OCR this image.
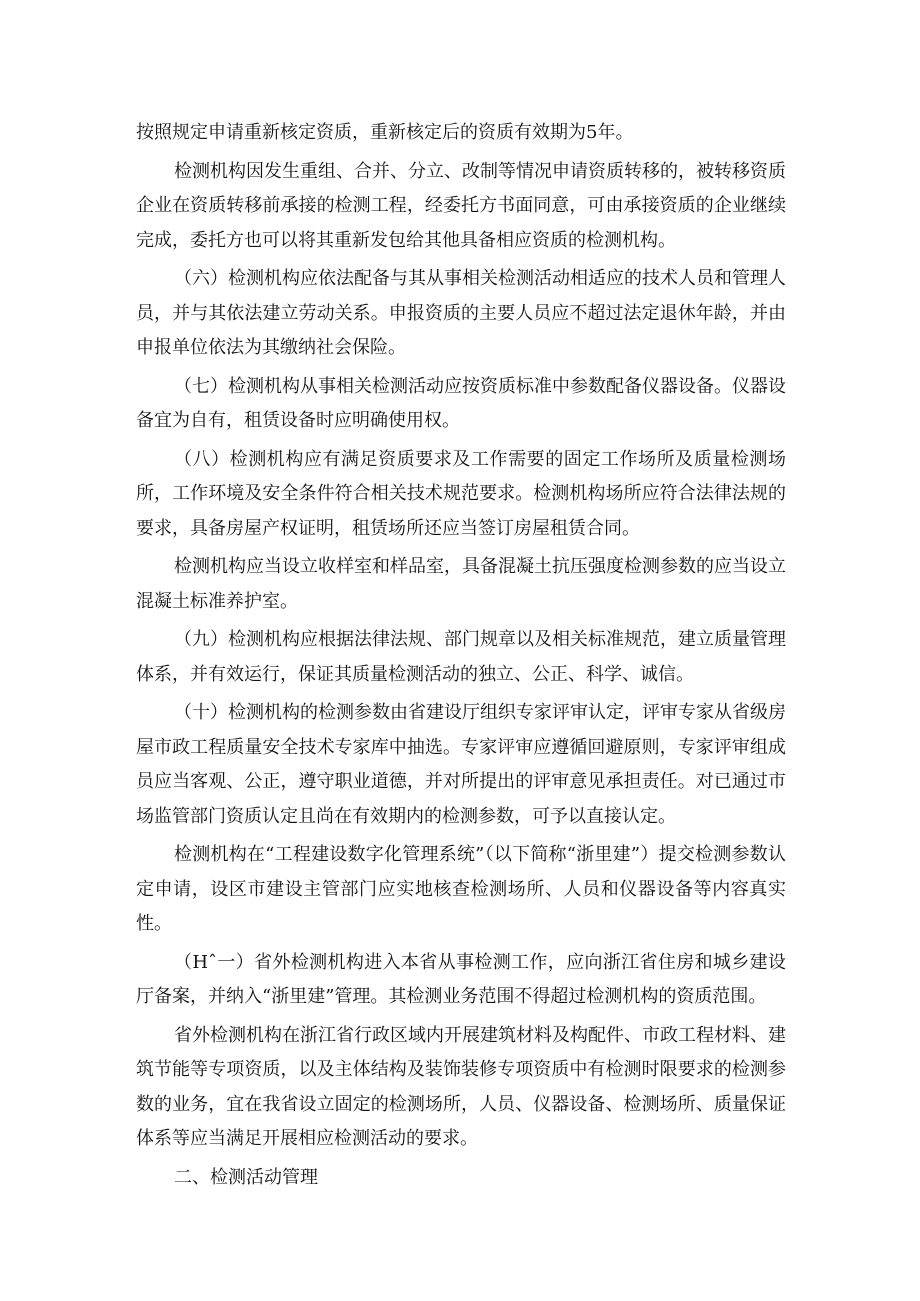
按照规定申请重新核定资质，重新核定后的资质有效期为5年。

检测机构因发生重组、合并、分立、改制等情况申请资质转移的，被转移资质企业在资质转移前承接的检测工程，经委托方书面同意，可由承接资质的企业继续完成，委托方也可以将其重新发包给其他具备相应资质的检测机构。

（六）检测机构应依法配备与其从事相关检测活动相适应的技术人员和管理人员，并与其依法建立劳动关系。申报资质的主要人员应不超过法定退休年龄，并由申报单位依法为其缴纳社会保险。

（七）检测机构从事相关检测活动应按资质标准中参数配备仪器设备。仪器设备宜为自有，租赁设备时应明确使用权。

（八）检测机构应有满足资质要求及工作需要的固定工作场所及质量检测场所，工作环境及安全条件符合相关技术规范要求。检测机构场所应符合法律法规的要求，具备房屋产权证明，租赁场所还应当签订房屋租赁合同。

检测机构应当设立收样室和样品室，具备混凝土抗压强度检测参数的应当设立混凝土标准养护室。

（九）检测机构应根据法律法规、部门规章以及相关标准规范，建立质量管理体系，并有效运行，保证其质量检测活动的独立、公正、科学、诚信。

（十）检测机构的检测参数由省建设厅组织专家评审认定，评审专家从省级房屋市政工程质量安全技术专家库中抽选。专家评审应遵循回避原则，专家评审组成员应当客观、公正，遵守职业道德，并对所提出的评审意见承担责任。对已通过市场监管部门资质认定且尚在有效期内的检测参数，可予以直接认定。

检测机构在“工程建设数字化管理系统”（以下简称“浙里建”）提交检测参数认定申请，设区市建设主管部门应实地核查检测场所、人员和仪器设备等内容真实性。

（Hˆ一）省外检测机构进入本省从事检测工作，应向浙江省住房和城乡建设厅备案，并纳入“浙里建”管理。其检测业务范围不得超过检测机构的资质范围。

省外检测机构在浙江省行政区域内开展建筑材料及构配件、市政工程材料、建筑节能等专项资质，以及主体结构及装饰装修专项资质中有检测时限要求的检测参数的业务，宜在我省设立固定的检测场所，人员、仪器设备、检测场所、质量保证体系等应当满足开展相应检测活动的要求。

二、检测活动管理
